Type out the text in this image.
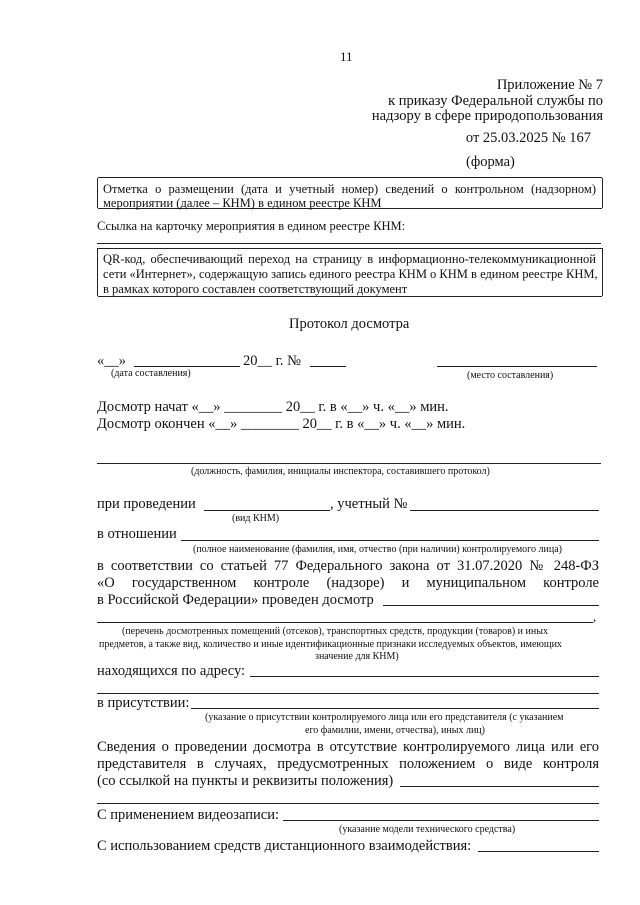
11
Приложение № 7
к приказу Федеральной службы по
надзору в сфере природопользования
от 25.03.2025 № 167
(форма)
Отметка о размещении (дата и учетный номер) сведений о контрольном (надзорном)
мероприятии (далее – КНМ) в едином реестре КНМ
Ссылка на карточку мероприятия в едином реестре КНМ:
QR-код, обеспечивающий переход на страницу в информационно-телекоммуникационной
сети «Интернет», содержащую запись единого реестра КНМ о КНМ в едином реестре КНМ,
в рамках которого составлен соответствующий документ
Протокол досмотра
«__»	20__ г. №
(дата составления)	(место составления)
Досмотр начат «__» ________ 20__ г. в «__» ч. «__» мин.
Досмотр окончен «__» ________ 20__ г. в «__» ч. «__» мин.
(должность, фамилия, инициалы инспектора, составившего протокол)
при проведении	, учетный №
(вид КНМ)
в отношении
(полное наименование (фамилия, имя, отчество (при наличии) контролируемого лица)
в соответствии со статьей 77 Федерального закона от 31.07.2020 № 248-ФЗ
«О государственном контроле (надзоре) и муниципальном контроле
в Российской Федерации» проведен досмотр
,
(перечень досмотренных помещений (отсеков), транспортных средств, продукции (товаров) и иных
предметов, а также вид, количество и иные идентификационные признаки исследуемых объектов, имеющих
значение для КНМ)
находящихся по адресу:
в присутствии:
(указание о присутствии контролируемого лица или его представителя (с указанием
его фамилии, имени, отчества), иных лиц)
Сведения о проведении досмотра в отсутствие контролируемого лица или его
представителя в случаях, предусмотренных положением о виде контроля
(со ссылкой на пункты и реквизиты положения)
С применением видеозаписи:
(указание модели технического средства)
С использованием средств дистанционного взаимодействия:
